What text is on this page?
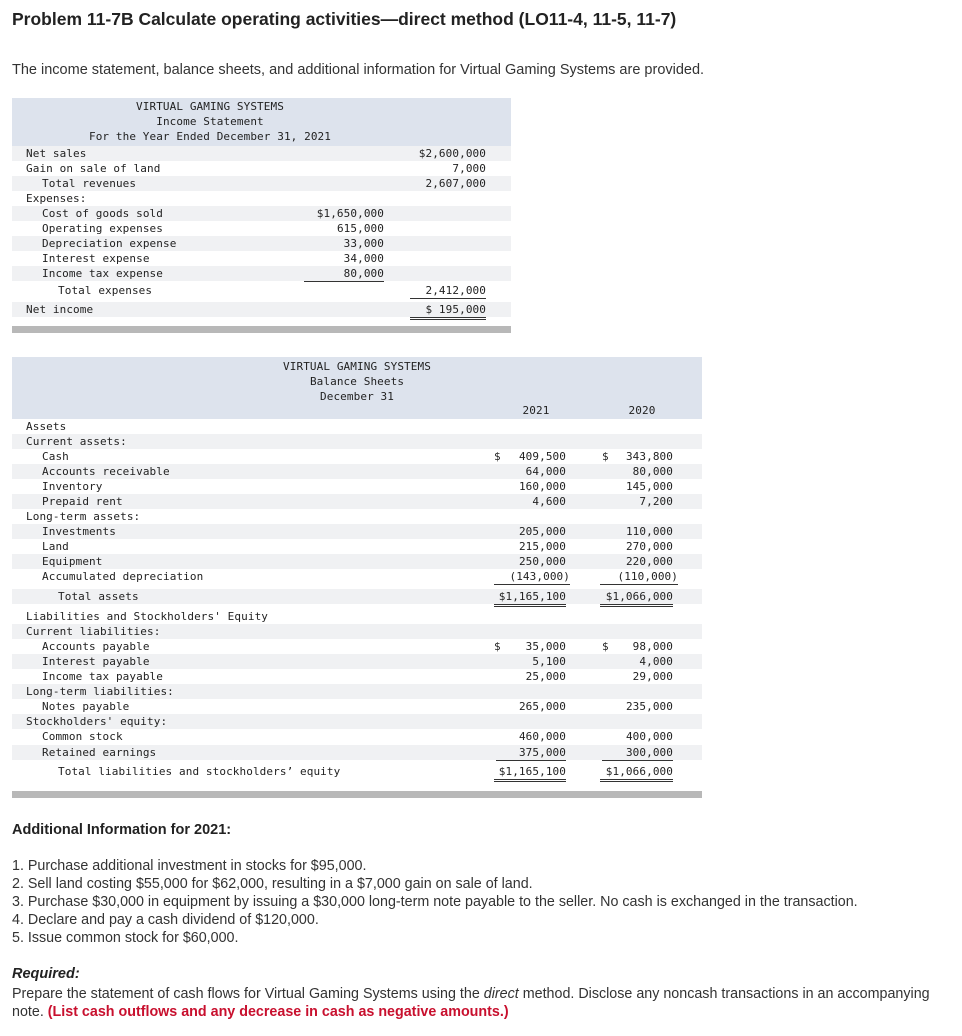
Problem 11-7B Calculate operating activities—direct method (LO11-4, 11-5, 11-7)
The income statement, balance sheets, and additional information for Virtual Gaming Systems are provided.
VIRTUAL GAMING SYSTEMS
Income Statement
For the Year Ended December 31, 2021
Net sales	$2,600,000
Gain on sale of land	7,000
Total revenues	2,607,000
Expenses:
Cost of goods sold	$1,650,000
Operating expenses	615,000
Depreciation expense	33,000
Interest expense	34,000
Income tax expense	80,000
Total expenses	2,412,000
Net income	$ 195,000
VIRTUAL GAMING SYSTEMS
Balance Sheets
December 31
2021	2020
Assets
Current assets:
Cash	$	409,500	$	343,800
Accounts receivable	64,000	80,000
Inventory	160,000	145,000
Prepaid rent	4,600	7,200
Long-term assets:
Investments	205,000	110,000
Land	215,000	270,000
Equipment	250,000	220,000
Accumulated depreciation	(143,000)	(110,000)
Total assets	$1,165,100	$1,066,000
Liabilities and Stockholders' Equity
Current liabilities:
Accounts payable	$	35,000	$	98,000
Interest payable	5,100	4,000
Income tax payable	25,000	29,000
Long-term liabilities:
Notes payable	265,000	235,000
Stockholders' equity:
Common stock	460,000	400,000
Retained earnings	375,000	300,000
Total liabilities and stockholders’ equity	$1,165,100	$1,066,000
Additional Information for 2021:
1. Purchase additional investment in stocks for $95,000.
2. Sell land costing $55,000 for $62,000, resulting in a $7,000 gain on sale of land.
3. Purchase $30,000 in equipment by issuing a $30,000 long-term note payable to the seller. No cash is exchanged in the transaction.
4. Declare and pay a cash dividend of $120,000.
5. Issue common stock for $60,000.
Required:
Prepare the statement of cash flows for Virtual Gaming Systems using the direct method. Disclose any noncash transactions in an accompanying note. (List cash outflows and any decrease in cash as negative amounts.)
